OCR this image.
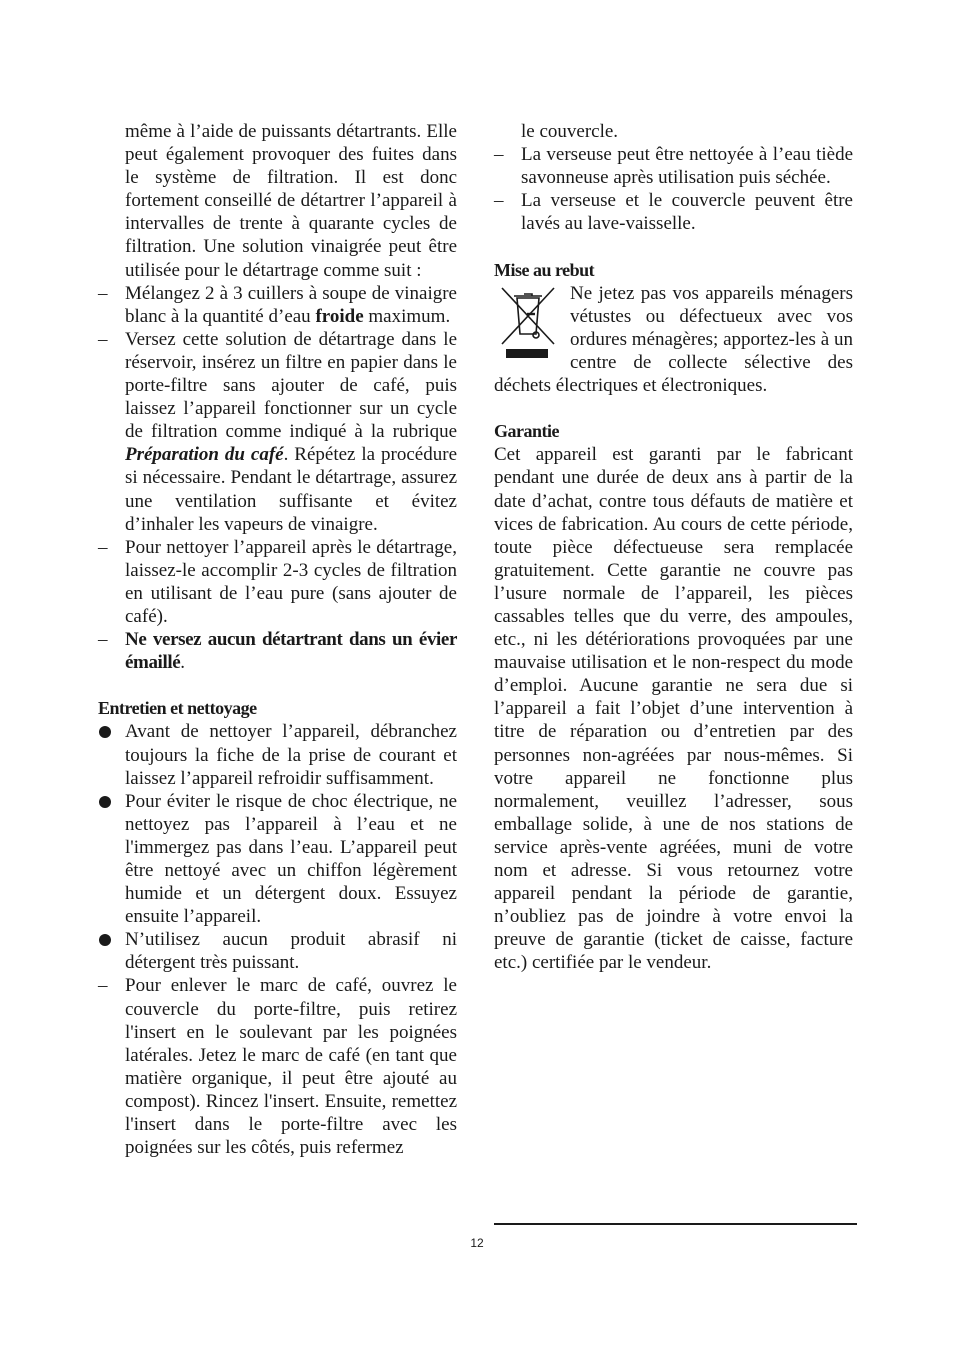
même à l’aide de puissants détartrants. Elle peut également provoquer des fuites dans le système de filtration. Il est donc fortement conseillé de détartrer l’appareil à intervalles de trente à quarante cycles de filtration. Une solution vinaigrée peut être utilisée pour le détartrage comme suit :
– Mélangez 2 à 3 cuillers à soupe de vinaigre blanc à la quantité d’eau froide maximum.
– Versez cette solution de détartrage dans le réservoir, insérez un filtre en papier dans le porte-filtre sans ajouter de café, puis laissez l’appareil fonctionner sur un cycle de filtration comme indiqué à la rubrique Préparation du café. Répétez la procédure si nécessaire. Pendant le détartrage, assurez une ventilation suffisante et évitez d’inhaler les vapeurs de vinaigre.
– Pour nettoyer l’appareil après le détartrage, laissez-le accomplir 2-3 cycles de filtration en utilisant de l’eau pure (sans ajouter de café).
– Ne versez aucun détartrant dans un évier émaillé.
Entretien et nettoyage
Avant de nettoyer l’appareil, débranchez toujours la fiche de la prise de courant et laissez l’appareil refroidir suffisamment.
Pour éviter le risque de choc électrique, ne nettoyez pas l’appareil à l’eau et ne l'immergez pas dans l’eau. L’appareil peut être nettoyé avec un chiffon légèrement humide et un détergent doux. Essuyez ensuite l’appareil.
N’utilisez aucun produit abrasif ni détergent très puissant.
– Pour enlever le marc de café, ouvrez le couvercle du porte-filtre, puis retirez l'insert en le soulevant par les poignées latérales. Jetez le marc de café (en tant que matière organique, il peut être ajouté au compost). Rincez l'insert. Ensuite, remettez l'insert dans le porte-filtre avec les poignées sur les côtés, puis refermez
le couvercle.
– La verseuse peut être nettoyée à l’eau tiède savonneuse après utilisation puis séchée.
– La verseuse et le couvercle peuvent être lavés au lave-vaisselle.
Mise au rebut
Ne jetez pas vos appareils ménagers vétustes ou défectueux avec vos ordures ménagères; apportez-les à un centre de collecte sélective des déchets électriques et électroniques.
Garantie
Cet appareil est garanti par le fabricant pendant une durée de deux ans à partir de la date d’achat, contre tous défauts de matière et vices de fabrication. Au cours de cette période, toute pièce défectueuse sera remplacée gratuitement. Cette garantie ne couvre pas l’usure normale de l’appareil, les pièces cassables telles que du verre, des ampoules, etc., ni les détériorations provoquées par une mauvaise utilisation et le non-respect du mode d’emploi. Aucune garantie ne sera due si l’appareil a fait l’objet d’une intervention à titre de réparation ou d’entretien par des personnes non-agréées par nous-mêmes. Si votre appareil ne fonctionne plus normalement, veuillez l’adresser, sous emballage solide, à une de nos stations de service après-vente agréées, muni de votre nom et adresse. Si vous retournez votre appareil pendant la période de garantie, n’oubliez pas de joindre à votre envoi la preuve de garantie (ticket de caisse, facture etc.) certifiée par le vendeur.
12
